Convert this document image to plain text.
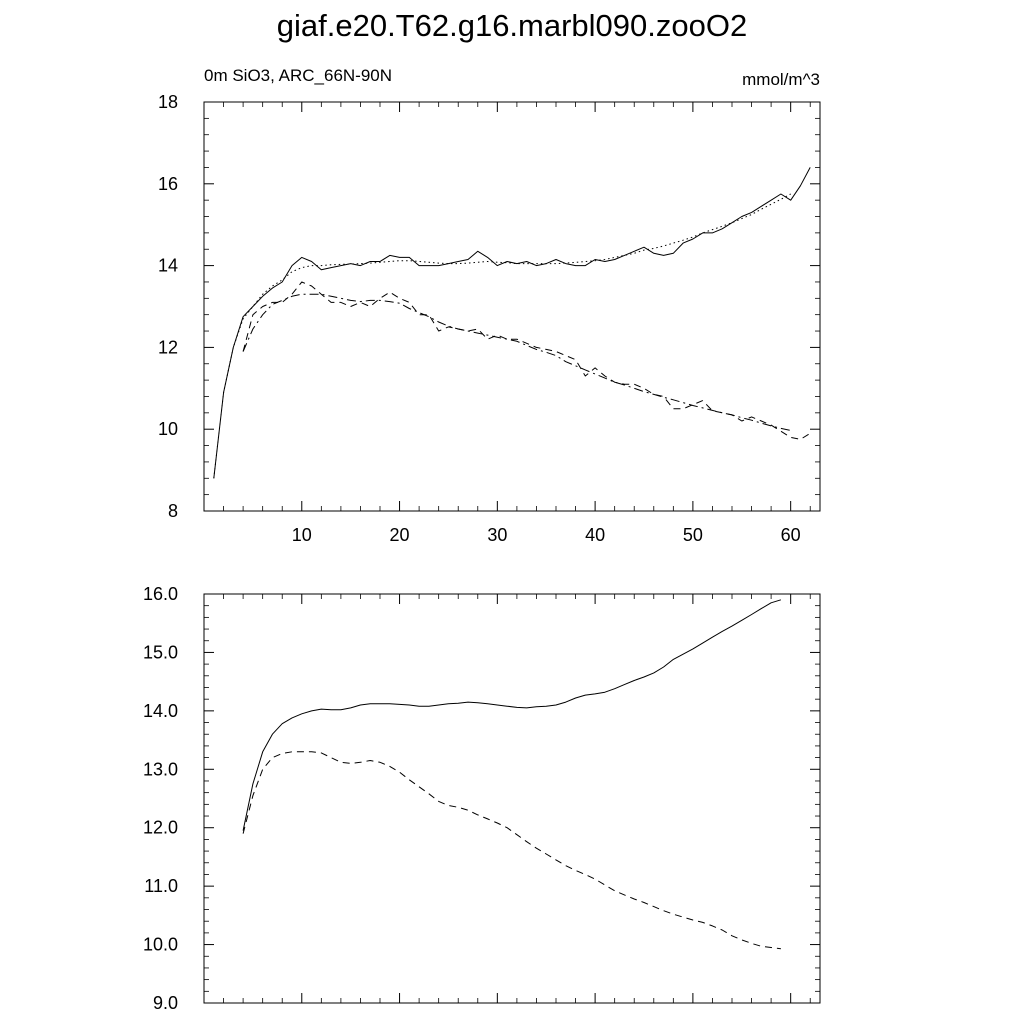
giaf.e20.T62.g16.marbl090.zooO2
0m SiO3, ARC_66N-90N	mmol/m^3
10	20	30	40	50	60
8
10
12
14
16
18
9.0
10.0
11.0
12.0
13.0
14.0
15.0
16.0
